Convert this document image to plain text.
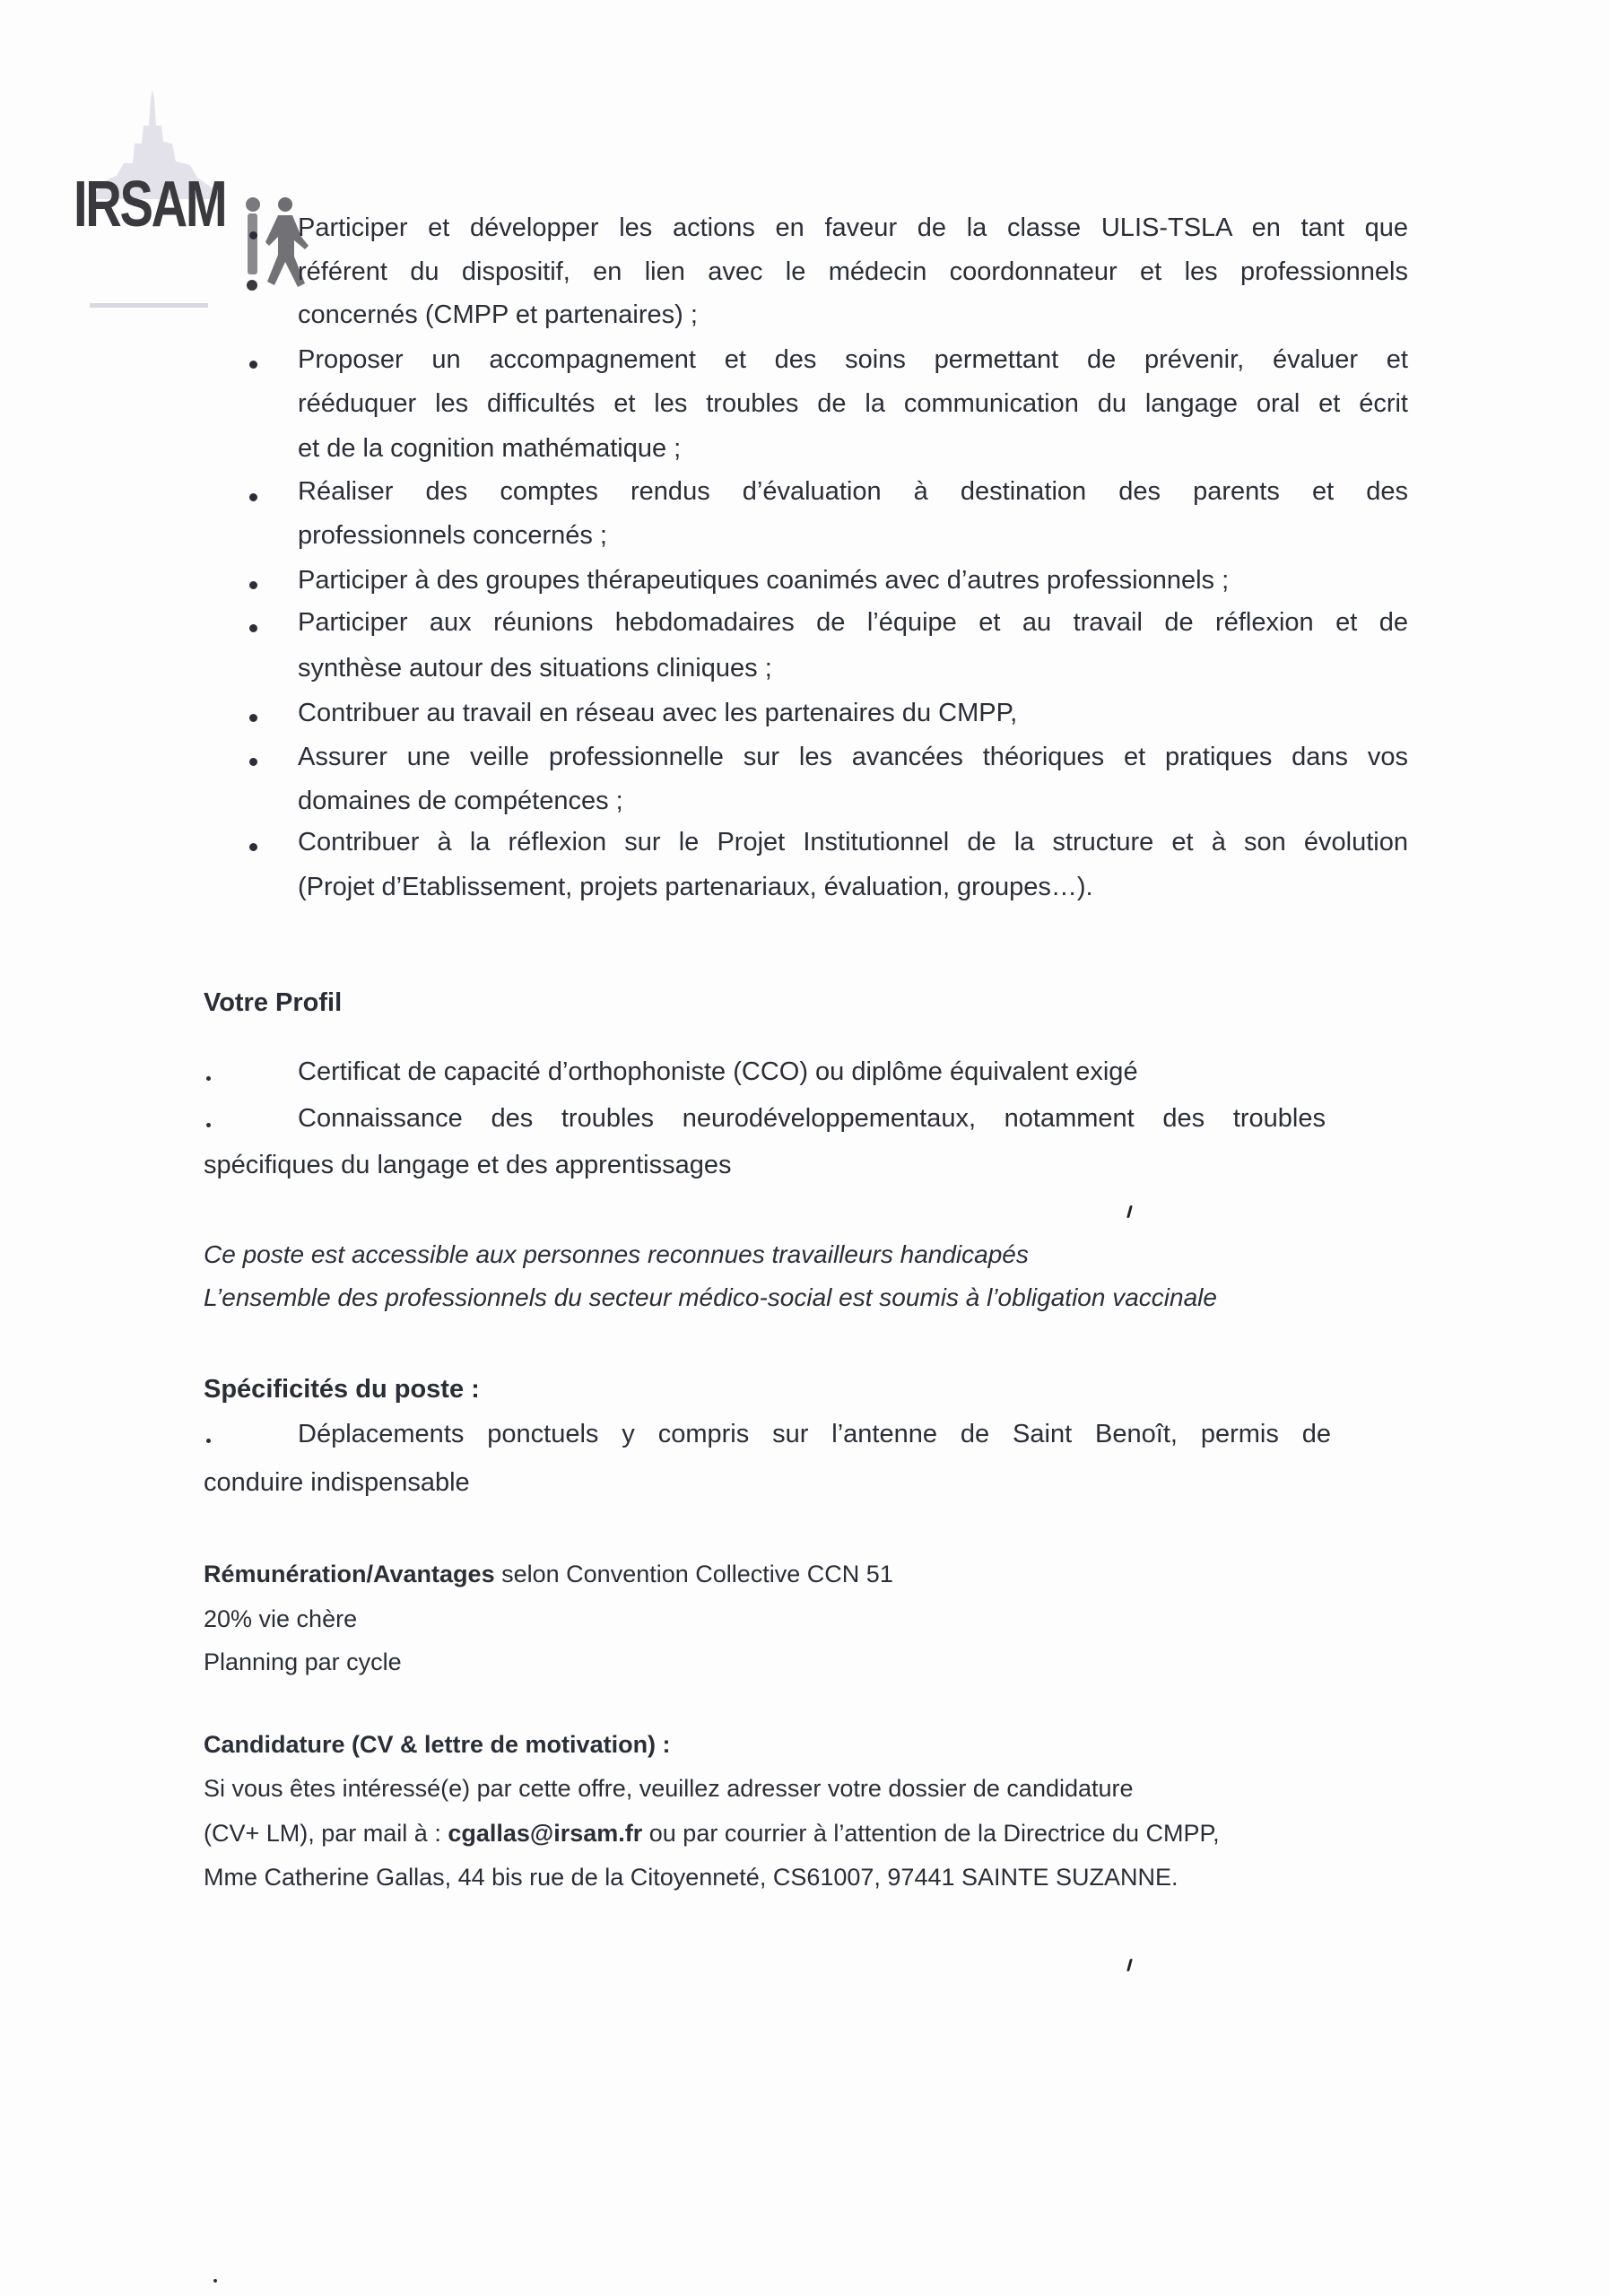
IRSAM	Participer et développer les actions en faveur de la classe ULIS-TSLA en tant que
référent du dispositif, en lien avec le médecin coordonnateur et les professionnels
concernés (CMPP et partenaires) ;
Proposer un accompagnement et des soins permettant de prévenir, évaluer et
rééduquer les difficultés et les troubles de la communication du langage oral et écrit
et de la cognition mathématique ;
Réaliser des comptes rendus d’évaluation à destination des parents et des
professionnels concernés ;
Participer à des groupes thérapeutiques coanimés avec d’autres professionnels ;
Participer aux réunions hebdomadaires de l’équipe et au travail de réflexion et de
synthèse autour des situations cliniques ;
Contribuer au travail en réseau avec les partenaires du CMPP,
Assurer une veille professionnelle sur les avancées théoriques et pratiques dans vos
domaines de compétences ;
Contribuer à la réflexion sur le Projet Institutionnel de la structure et à son évolution
(Projet d’Etablissement, projets partenariaux, évaluation, groupes…).
Votre Profil
Certificat de capacité d’orthophoniste (CCO) ou diplôme équivalent exigé
Connaissance des troubles neurodéveloppementaux, notamment des troubles
spécifiques du langage et des apprentissages
Ce poste est accessible aux personnes reconnues travailleurs handicapés
L’ensemble des professionnels du secteur médico-social est soumis à l’obligation vaccinale
Spécificités du poste :
Déplacements ponctuels y compris sur l’antenne de Saint Benoît, permis de
conduire indispensable
Rémunération/Avantages selon Convention Collective CCN 51
20% vie chère
Planning par cycle
Candidature (CV & lettre de motivation) :
Si vous êtes intéressé(e) par cette offre, veuillez adresser votre dossier de candidature
(CV+ LM), par mail à : cgallas@irsam.fr ou par courrier à l’attention de la Directrice du CMPP,
Mme Catherine Gallas, 44 bis rue de la Citoyenneté, CS61007, 97441 SAINTE SUZANNE.
